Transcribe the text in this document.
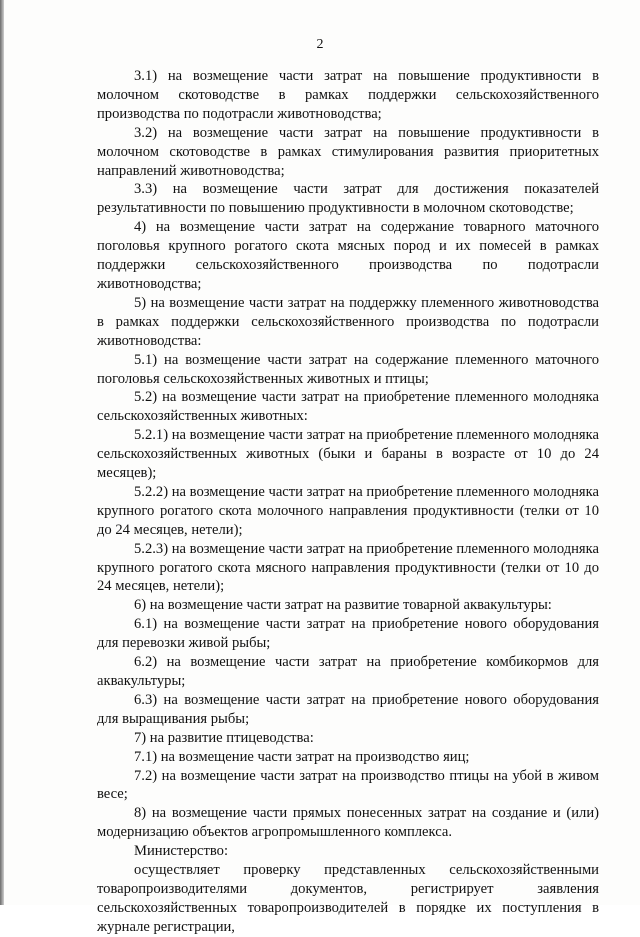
2

3.1) на возмещение части затрат на повышение продуктивности в молочном скотоводстве в рамках поддержки сельскохозяйственного производства по подотрасли животноводства;

3.2) на возмещение части затрат на повышение продуктивности в молочном скотоводстве в рамках стимулирования развития приоритетных направлений животноводства;

3.3) на возмещение части затрат для достижения показателей результативности по повышению продуктивности в молочном скотоводстве;

4) на возмещение части затрат на содержание товарного маточного поголовья крупного рогатого скота мясных пород и их помесей в рамках поддержки сельскохозяйственного производства по подотрасли животноводства;

5) на возмещение части затрат на поддержку племенного животноводства в рамках поддержки сельскохозяйственного производства по подотрасли животноводства:

5.1) на возмещение части затрат на содержание племенного маточного поголовья сельскохозяйственных животных и птицы;

5.2) на возмещение части затрат на приобретение племенного молодняка сельскохозяйственных животных:

5.2.1) на возмещение части затрат на приобретение племенного молодняка сельскохозяйственных животных (быки и бараны в возрасте от 10 до 24 месяцев);

5.2.2) на возмещение части затрат на приобретение племенного молодняка крупного рогатого скота молочного направления продуктивности (телки от 10 до 24 месяцев, нетели);

5.2.3) на возмещение части затрат на приобретение племенного молодняка крупного рогатого скота мясного направления продуктивности (телки от 10 до 24 месяцев, нетели);

6) на возмещение части затрат на развитие товарной аквакультуры:

6.1) на возмещение части затрат на приобретение нового оборудования для перевозки живой рыбы;

6.2) на возмещение части затрат на приобретение комбикормов для аквакультуры;

6.3) на возмещение части затрат на приобретение нового оборудования для выращивания рыбы;

7) на развитие птицеводства:

7.1) на возмещение части затрат на производство яиц;

7.2) на возмещение части затрат на производство птицы на убой в живом весе;

8) на возмещение части прямых понесенных затрат на создание и (или) модернизацию объектов агропромышленного комплекса.

Министерство:

осуществляет проверку представленных сельскохозяйственными товаропроизводителями документов, регистрирует заявления сельскохозяйственных товаропроизводителей в порядке их поступления в журнале регистрации,
